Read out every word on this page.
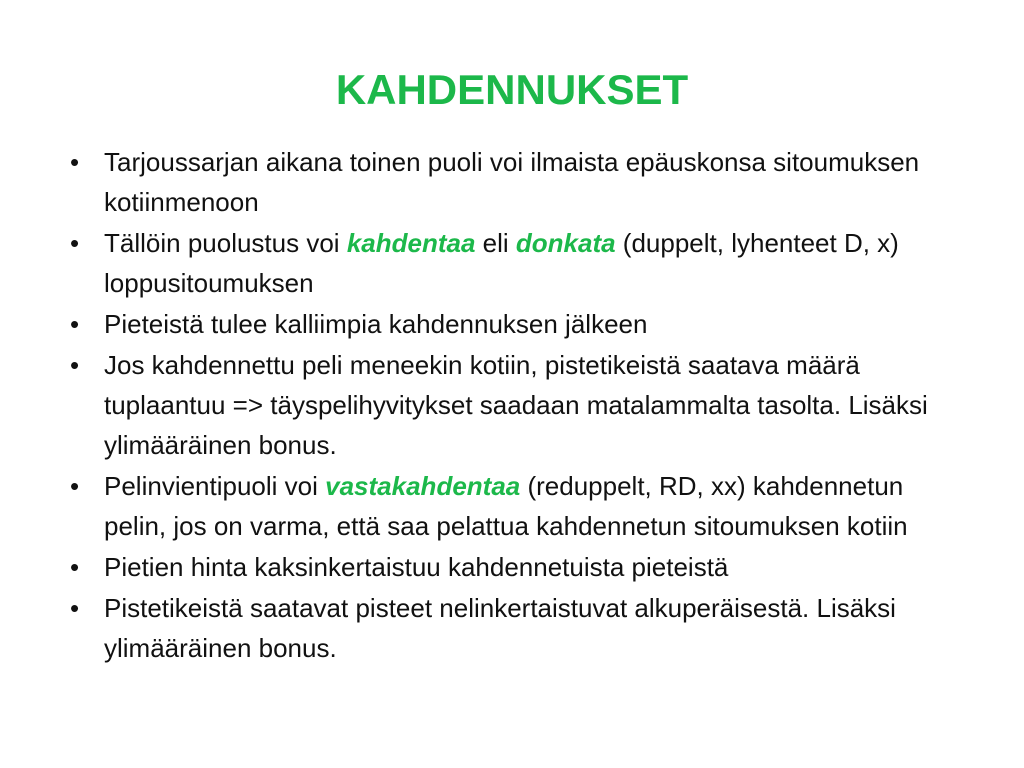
KAHDENNUKSET
• Tarjoussarjan aikana toinen puoli voi ilmaista epäuskonsa sitoumuksen kotiinmenoon
• Tällöin puolustus voi kahdentaa eli donkata (duppelt, lyhenteet D, x) loppusitoumuksen
• Pieteistä tulee kalliimpia kahdennuksen jälkeen
• Jos kahdennettu peli meneekin kotiin, pistetikeistä saatava määrä tuplaantuu => täyspelihyvitykset saadaan matalammalta tasolta. Lisäksi ylimääräinen bonus.
• Pelinvientipuoli voi vastakahdentaa (reduppelt, RD, xx) kahdennetun pelin, jos on varma, että saa pelattua kahdennetun sitoumuksen kotiin
• Pietien hinta kaksinkertaistuu kahdennetuista pieteistä
• Pistetikeistä saatavat pisteet nelinkertaistuvat alkuperäisestä. Lisäksi ylimääräinen bonus.
